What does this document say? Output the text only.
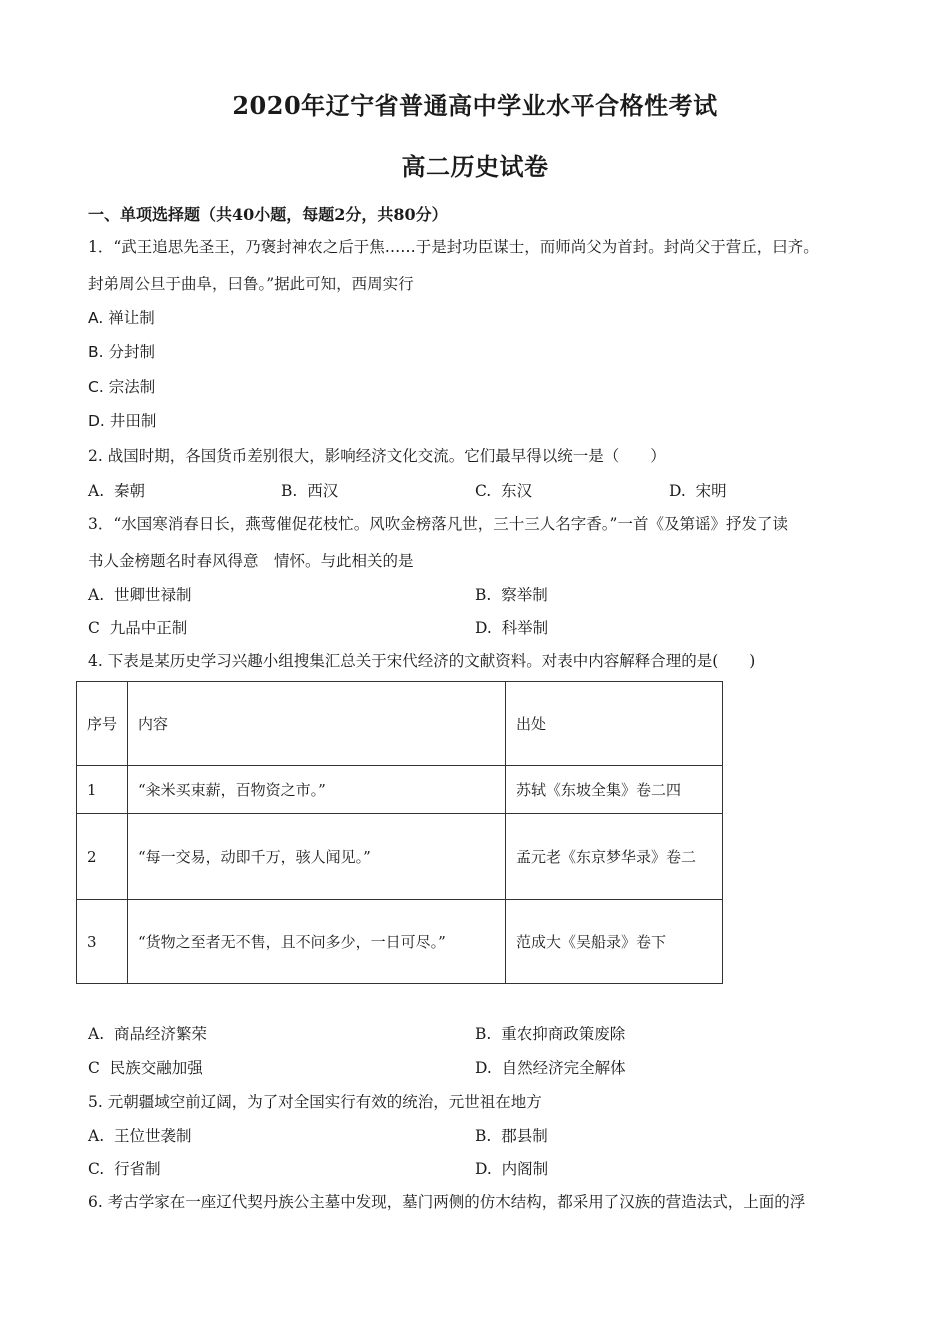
2020年辽宁省普通高中学业水平合格性考试
高二历史试卷
一、单项选择题（共40小题，每题2分，共80分）
1．“武王追思先圣王，乃褒封神农之后于焦……于是封功臣谋士，而师尚父为首封。封尚父于营丘，曰齐。
封弟周公旦于曲阜，曰鲁。”据此可知，西周实行
A. 禅让制
B. 分封制
C. 宗法制
D. 井田制
2. 战国时期，各国货币差别很大，影响经济文化交流。它们最早得以统一是（　　）
A. 秦朝	B. 西汉	C. 东汉	D. 宋明
3．“水国寒消春日长，燕莺催促花枝忙。风吹金榜落凡世，三十三人名字香。”一首《及第谣》抒发了读
书人金榜题名时春风得意　情怀。与此相关的是
A. 世卿世禄制	B. 察举制
C 九品中正制	D. 科举制
4. 下表是某历史学习兴趣小组搜集汇总关于宋代经济的文献资料。对表中内容解释合理的是(　　)
序号	内容	出处
1	“籴米买束薪，百物资之市。”	苏轼《东坡全集》卷二四
2	“每一交易，动即千万，骇人闻见。”	孟元老《东京梦华录》卷二
3	“货物之至者无不售，且不问多少，一日可尽。”	范成大《吴船录》卷下
A. 商品经济繁荣	B. 重农抑商政策废除
C 民族交融加强	D. 自然经济完全解体
5. 元朝疆域空前辽阔，为了对全国实行有效的统治，元世祖在地方
A. 王位世袭制	B. 郡县制
C. 行省制	D. 内阁制
6. 考古学家在一座辽代契丹族公主墓中发现，墓门两侧的仿木结构，都采用了汉族的营造法式，上面的浮
